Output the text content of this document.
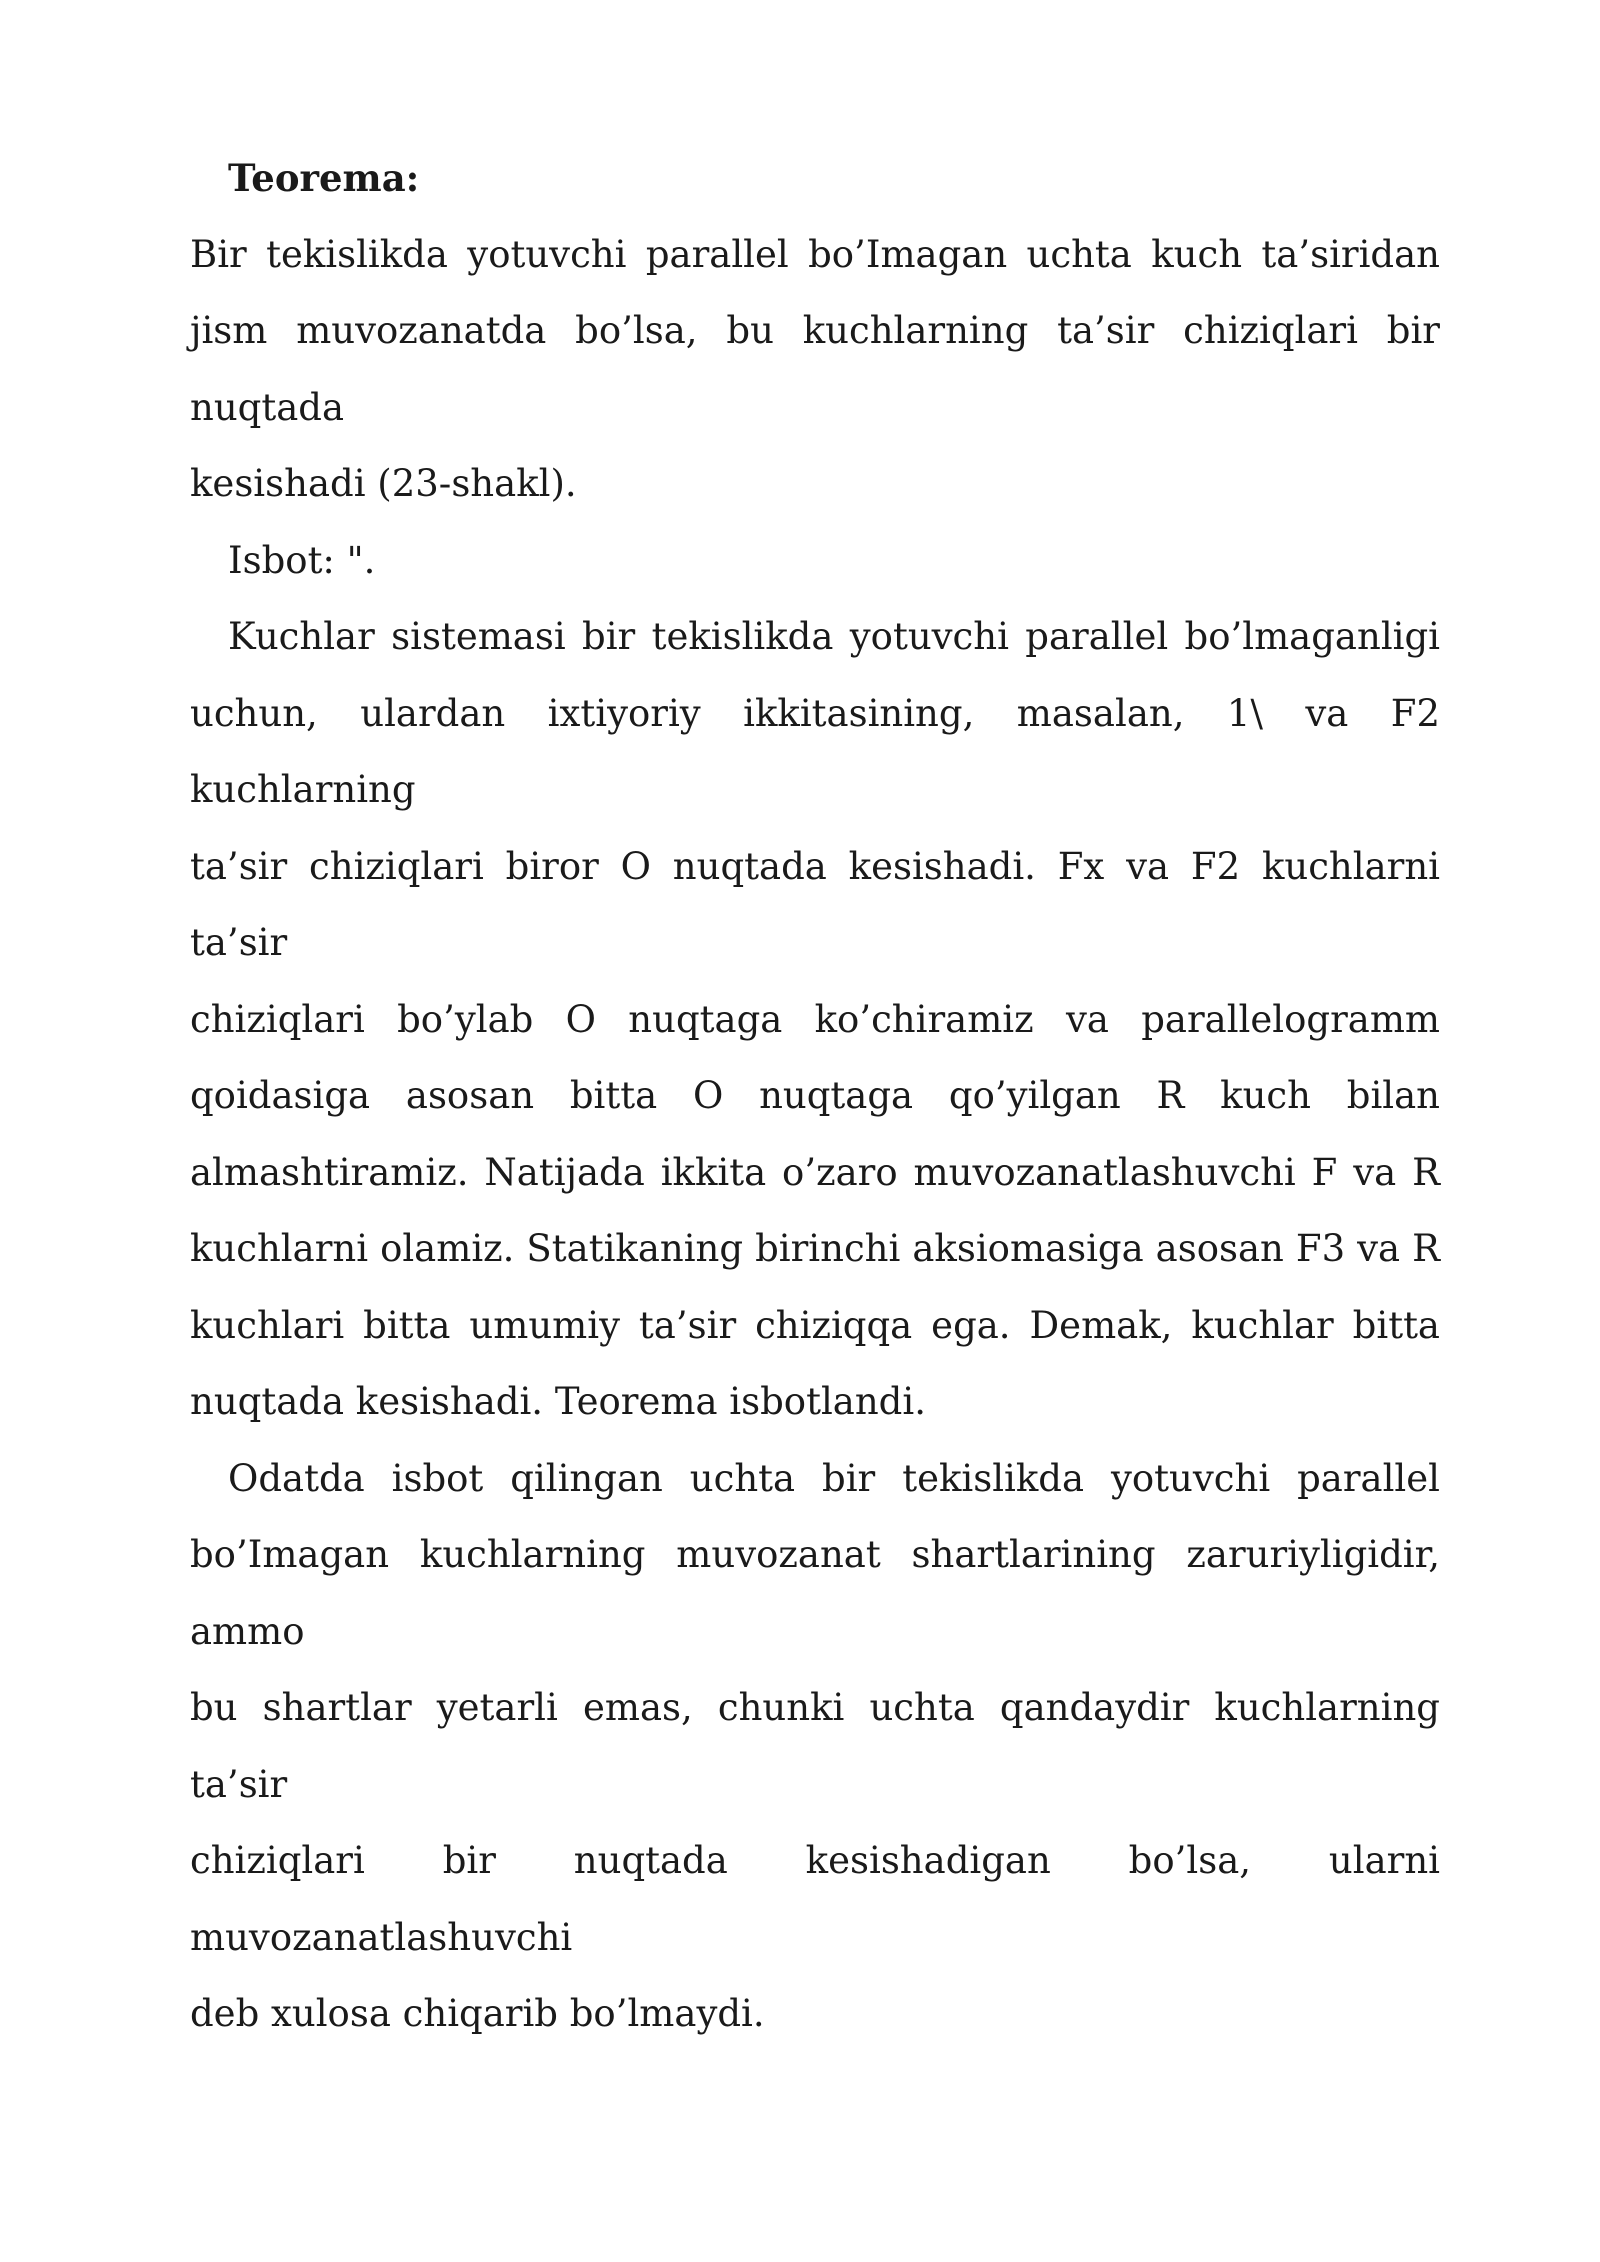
Teorema:

Bir tekislikda yotuvchi parallel bo’Imagan uchta kuch ta’siridan
jism muvozanatda bo’lsa, bu kuchlarning ta’sir chiziqlari bir nuqtada
kesishadi (23-shakl).

Isbot: ".

Kuchlar sistemasi bir tekislikda yotuvchi parallel bo’lmaganligi
uchun, ulardan ixtiyoriy ikkitasining, masalan, 1\ va F2 kuchlarning
ta’sir chiziqlari biror O nuqtada kesishadi. Fx va F2 kuchlarni ta’sir
chiziqlari bo’ylab O nuqtaga ko’chiramiz va parallelogramm
qoidasiga asosan bitta O nuqtaga qo’yilgan R kuch bilan
almashtiramiz. Natijada ikkita o’zaro muvozanatlashuvchi F va R
kuchlarni olamiz. Statikaning birinchi aksiomasiga asosan F3 va R
kuchlari bitta umumiy ta’sir chiziqqa ega. Demak, kuchlar bitta
nuqtada kesishadi. Teorema isbotlandi.
Odatda isbot qilingan uchta bir tekislikda yotuvchi parallel
bo’Imagan kuchlarning muvozanat shartlarining zaruriyligidir,
ammo
bu shartlar yetarli emas, chunki uchta qandaydir kuchlarning ta’sir
chiziqlari bir nuqtada kesishadigan bo’lsa, ularni
muvozanatlashuvchi
deb xulosa chiqarib bo’lmaydi.
